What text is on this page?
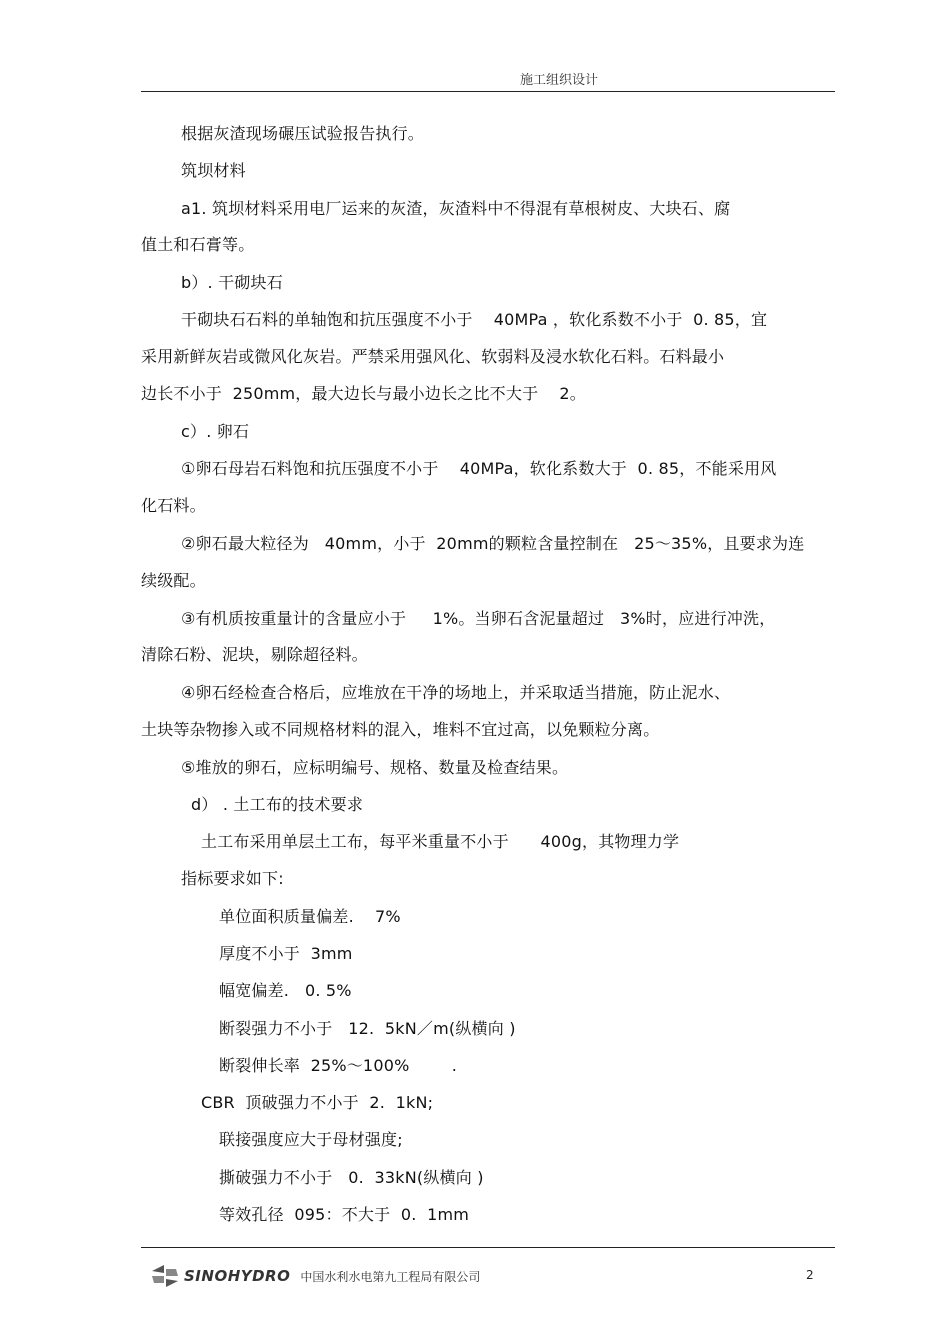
施工组织设计
根据灰渣现场碾压试验报告执行。
筑坝材料
a1. 筑坝材料采用电厂运来的灰渣，灰渣料中不得混有草根树皮、大块石、腐
值土和石膏等。
b）. 干砌块石
干砌块石石料的单轴饱和抗压强度不小于    40MPa ，软化系数不小于  0. 85，宜
采用新鲜灰岩或微风化灰岩。严禁采用强风化、软弱料及浸水软化石料。石料最小
边长不小于  250mm，最大边长与最小边长之比不大于    2。
c）. 卵石
①卵石母岩石料饱和抗压强度不小于    40MPa，软化系数大于  0. 85，不能采用风
化石料。
②卵石最大粒径为   40mm，小于  20mm的颗粒含量控制在   25～35%，且要求为连
续级配。
③有机质按重量计的含量应小于     1%。当卵石含泥量超过   3%时，应进行冲洗，
清除石粉、泥块，剔除超径料。
④卵石经检查合格后，应堆放在干净的场地上，并采取适当措施，防止泥水、
土块等杂物掺入或不同规格材料的混入，堆料不宜过高，以免颗粒分离。
⑤堆放的卵石，应标明编号、规格、数量及检查结果。
d） . 土工布的技术要求
土工布采用单层土工布，每平米重量不小于      400g，其物理力学
指标要求如下:
单位面积质量偏差.    7%
厚度不小于  3mm
幅宽偏差.   0. 5%
断裂强力不小于   12.  5kN／m(纵横向 )
断裂伸长率  25%～100%        .
CBR  顶破强力不小于  2.  1kN;
联接强度应大于母材强度;
撕破强力不小于   0.  33kN(纵横向 )
等效孔径  095：不大于  0.  1mm
SINOHYDRO 中国水利水电第九工程局有限公司	2
